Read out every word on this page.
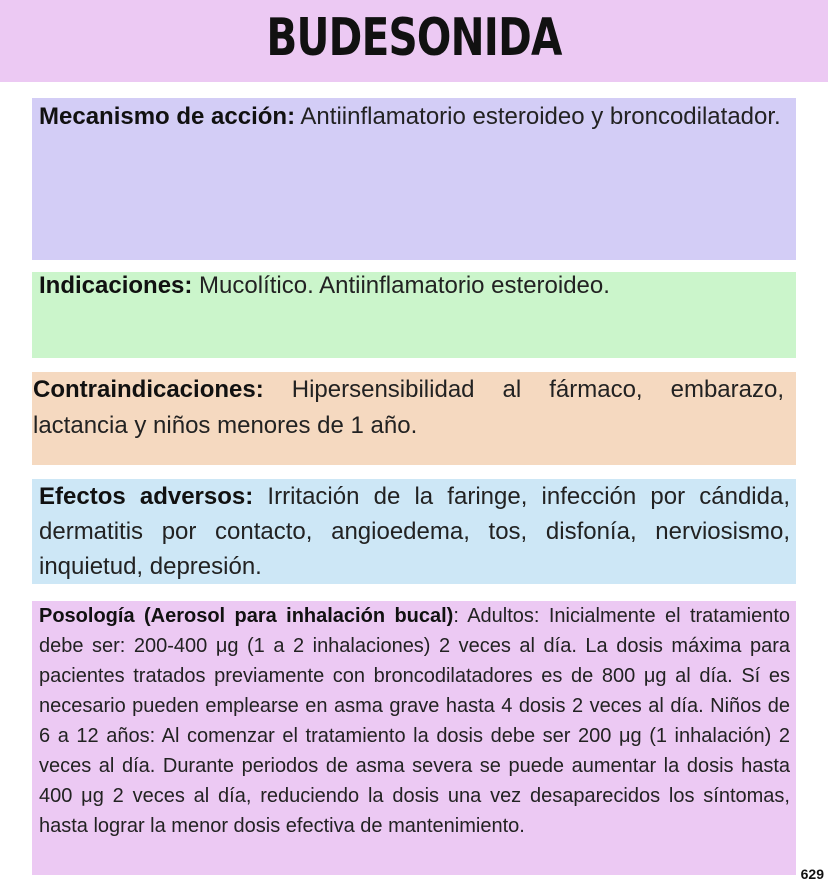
BUDESONIDA
Mecanismo de acción: Antiinflamatorio esteroideo y broncodilatador.
Indicaciones: Mucolítico. Antiinflamatorio esteroideo.
Contraindicaciones: Hipersensibilidad al fármaco, embarazo, lactancia y niños menores de 1 año.
Efectos adversos: Irritación de la faringe, infección por cándida, dermatitis por contacto, angioedema, tos, disfonía, nerviosismo, inquietud, depresión.
Posología (Aerosol para inhalación bucal): Adultos: Inicialmente el tratamiento debe ser: 200-400 μg (1 a 2 inhalaciones) 2 veces al día. La dosis máxima para pacientes tratados previamente con broncodilatadores es de 800 μg al día. Sí es necesario pueden emplearse en asma grave hasta 4 dosis 2 veces al día. Niños de 6 a 12 años: Al comenzar el tratamiento la dosis debe ser 200 μg (1 inhalación) 2 veces al día. Durante periodos de asma severa se puede aumentar la dosis hasta 400 μg 2 veces al día, reduciendo la dosis una vez desaparecidos los síntomas, hasta lograr la menor dosis efectiva de mantenimiento.
629
